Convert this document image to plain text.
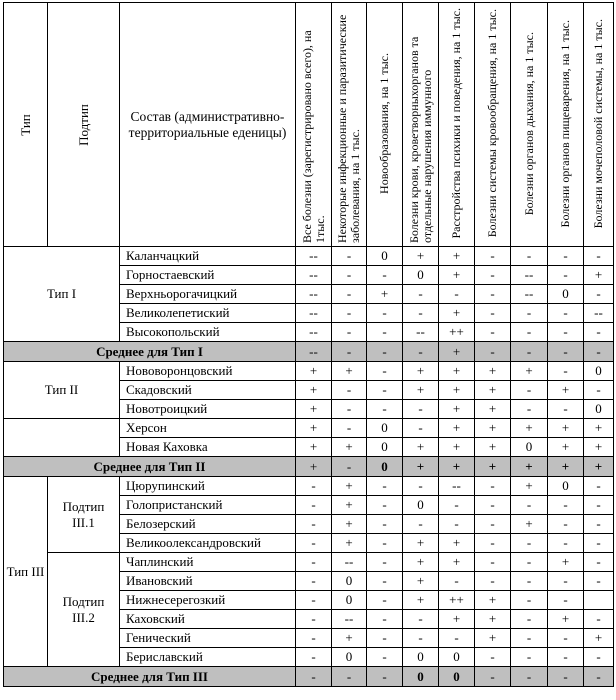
Тип	Подтип	Состав (административно-территориальные еденицы)	Все болезни (зарегистрировано всего), на 1тыс.	Некоторые инфекционные и паразитические заболевания, на 1 тыс.	Новообразования, на 1 тыс.	Болезни крови, кроветворныхорганов та отдельные нарушения иммунного	Расстройства психики и поведения, на 1 тыс.	Болезни системы кровообращения, на 1 тыс.	Болезни органов дыхания, на 1 тыс.	Болезни органов пищеварения, на 1 тыс.	Болезни мочеполовой системы, на 1 тыс.

Тип I		Каланчацкий	--	-	0	+	+	-	-	-	-
		Горностаевский	--	-	-	0	+	-	--	-	+
		Верхньорогачицкий	--	-	+	-	-	-	--	0	-
		Великолепетиский	--	-	-	-	+	-	-	-	--
		Высокопольский	--	-	-	--	++	-	-	-	-
Среднее для Тип I			--	-	-	-	+	-	-	-	-
Тип II		Нововоронцовский	+	+	-	+	+	+	+	-	0
		Скадовский	+	-	-	+	+	+	-	+	-
		Новотроицкий	+	-	-	-	+	+	-	-	0
		Херсон	+	-	0	-	+	+	+	+	+
		Новая Каховка	+	+	0	+	+	+	0	+	+
Среднее для Тип II			+	-	0	+	+	+	+	+	+
Тип III	Подтип III.1	Цюрупинский	-	+	-	-	--	-	+	0	-
		Голопристанский	-	+	-	0	-	-	-	-	-
		Белозерский	-	+	-	-	-	-	+	-	-
		Великоолександровский	-	+	-	+	+	-	-	-	-
	Подтип III.2	Чаплинский	-	--	-	+	+	-	-	+	-
		Ивановский	-	0	-	+	-	-	-	-	-
		Нижнесерегозкий	-	0	-	+	++	+	-	-	
		Каховский	-	--	-	-	+	+	-	+	-
		Генический	-	+	-	-	-	+	-	-	+
		Бериславский	-	0	-	0	0	-	-	-	-
Среднее для Тип III			-	-	-	0	0	-	-	-	-
